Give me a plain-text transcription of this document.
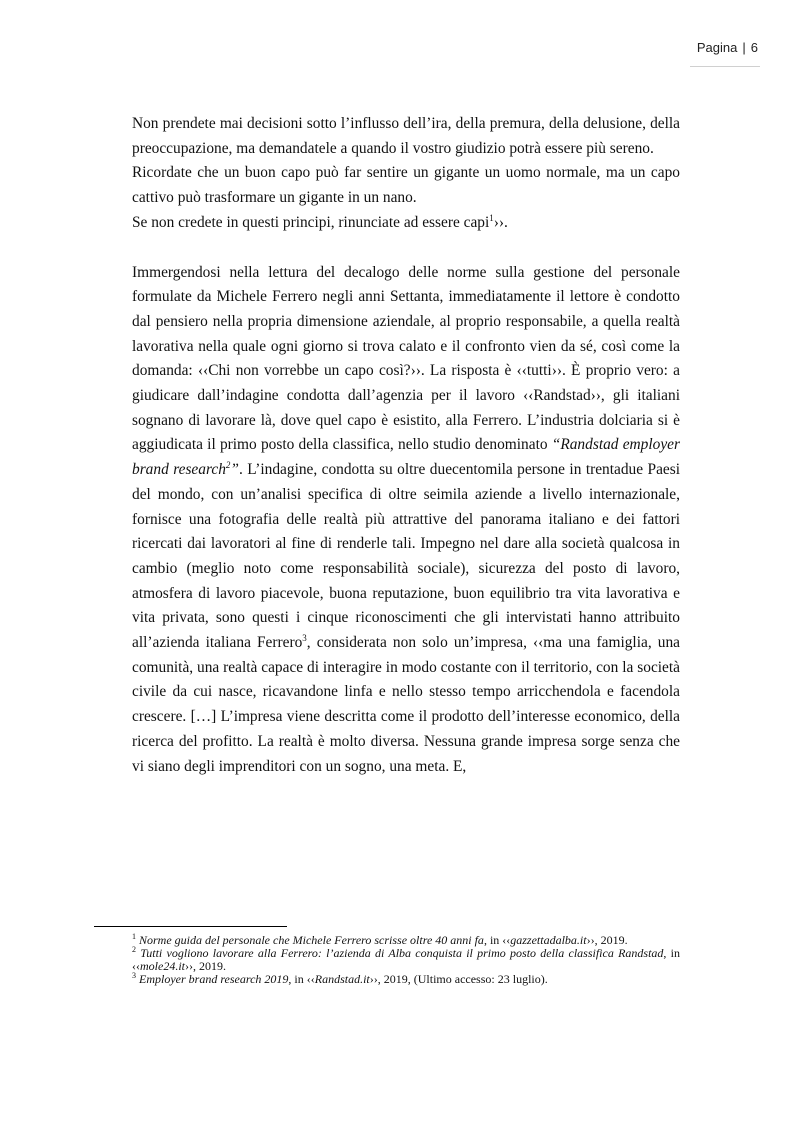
Pagina | 6

Non prendete mai decisioni sotto l’influsso dell’ira, della premura, della delusione, della preoccupazione, ma demandatele a quando il vostro giudizio potrà essere più sereno.

Ricordate che un buon capo può far sentire un gigante un uomo normale, ma un capo cattivo può trasformare un gigante in un nano.

Se non credete in questi principi, rinunciate ad essere capi$^1$››.

Immergendosi nella lettura del decalogo delle norme sulla gestione del personale formulate da Michele Ferrero negli anni Settanta, immediatamente il lettore è condotto dal pensiero nella propria dimensione aziendale, al proprio responsabile, a quella realtà lavorativa nella quale ogni giorno si trova calato e il confronto vien da sé, così come la domanda: ‹‹Chi non vorrebbe un capo così?››. La risposta è ‹‹tutti››. È proprio vero: a giudicare dall’indagine condotta dall’agenzia per il lavoro ‹‹Randstad››, gli italiani sognano di lavorare là, dove quel capo è esistito, alla Ferrero. L’industria dolciaria si è aggiudicata il primo posto della classifica, nello studio denominato “Randstad employer brand research$^2$”. L’indagine, condotta su oltre duecentomila persone in trentadue Paesi del mondo, con un’analisi specifica di oltre seimila aziende a livello internazionale, fornisce una fotografia delle realtà più attrattive del panorama italiano e dei fattori ricercati dai lavoratori al fine di renderle tali. Impegno nel dare alla società qualcosa in cambio (meglio noto come responsabilità sociale), sicurezza del posto di lavoro, atmosfera di lavoro piacevole, buona reputazione, buon equilibrio tra vita lavorativa e vita privata, sono questi i cinque riconoscimenti che gli intervistati hanno attribuito all’azienda italiana Ferrero$^3$, considerata non solo un’impresa, ‹‹ma una famiglia, una comunità, una realtà capace di interagire in modo costante con il territorio, con la società civile da cui nasce, ricavandone linfa e nello stesso tempo arricchendola e facendola crescere. […] L’impresa viene descritta come il prodotto dell’interesse economico, della ricerca del profitto. La realtà è molto diversa. Nessuna grande impresa sorge senza che vi siano degli imprenditori con un sogno, una meta. E,

$^1$ Norme guida del personale che Michele Ferrero scrisse oltre 40 anni fa, in ‹‹gazzettadalba.it››, 2019.

$^2$ Tutti vogliono lavorare alla Ferrero: l’azienda di Alba conquista il primo posto della classifica Randstad, in ‹‹mole24.it››, 2019.

$^3$ Employer brand research 2019, in ‹‹Randstad.it››, 2019, (Ultimo accesso: 23 luglio).
